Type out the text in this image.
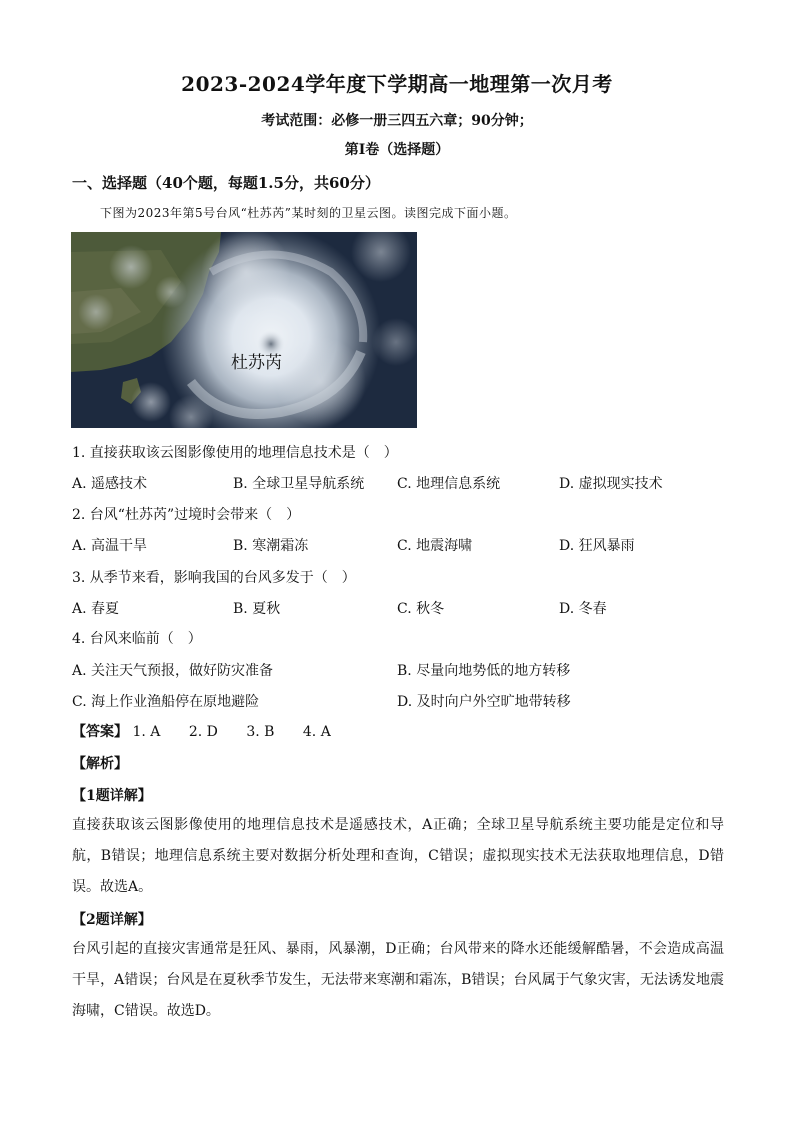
2023-2024学年度下学期高一地理第一次月考
考试范围：必修一册三四五六章；90分钟；
第Ⅰ卷（选择题）
一、选择题（40个题，每题1.5分，共60分）
下图为2023年第5号台风“杜苏芮”某时刻的卫星云图。读图完成下面小题。
杜苏芮
1. 直接获取该云图影像使用的地理信息技术是（　）
A. 遥感技术	B. 全球卫星导航系统 C. 地理信息系统	D. 虚拟现实技术
2. 台风“杜苏芮”过境时会带来（　）
A. 高温干旱	B. 寒潮霜冻	C. 地震海啸	D. 狂风暴雨
3. 从季节来看，影响我国的台风多发于（　）
A. 春夏	B. 夏秋	C. 秋冬	D. 冬春
4. 台风来临前（　）
A. 关注天气预报，做好防灾准备	B. 尽量向地势低的地方转移
C. 海上作业渔船停在原地避险	D. 及时向户外空旷地带转移
【答案】 1. A 2. D 3. B 4. A
【解析】
【1题详解】
直接获取该云图影像使用的地理信息技术是遥感技术，A正确；全球卫星导航系统主要功能是定位和导航，B错误；地理信息系统主要对数据分析处理和查询，C错误；虚拟现实技术无法获取地理信息，D错误。故选A。
【2题详解】
台风引起的直接灾害通常是狂风、暴雨，风暴潮，D正确；台风带来的降水还能缓解酷暑，不会造成高温干旱，A错误；台风是在夏秋季节发生，无法带来寒潮和霜冻，B错误；台风属于气象灾害，无法诱发地震海啸，C错误。故选D。
